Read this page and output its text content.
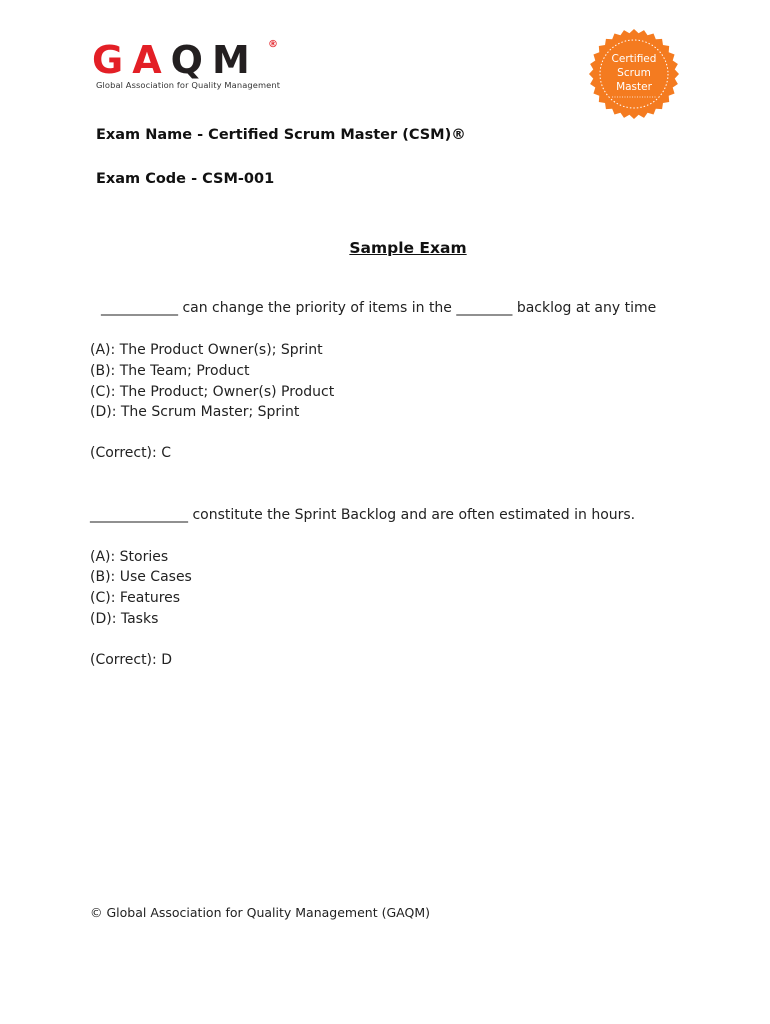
GAQM ®
Global Association for Quality Management
Certified
Scrum
Master
Exam Name - Certified Scrum Master (CSM)®
Exam Code - CSM-001
Sample Exam
___________ can change the priority of items in the ________ backlog at any time
(A): The Product Owner(s); Sprint
(B): The Team; Product
(C): The Product; Owner(s) Product
(D): The Scrum Master; Sprint
(Correct): C
______________ constitute the Sprint Backlog and are often estimated in hours.
(A): Stories
(B): Use Cases
(C): Features
(D): Tasks
(Correct): D
© Global Association for Quality Management (GAQM)
